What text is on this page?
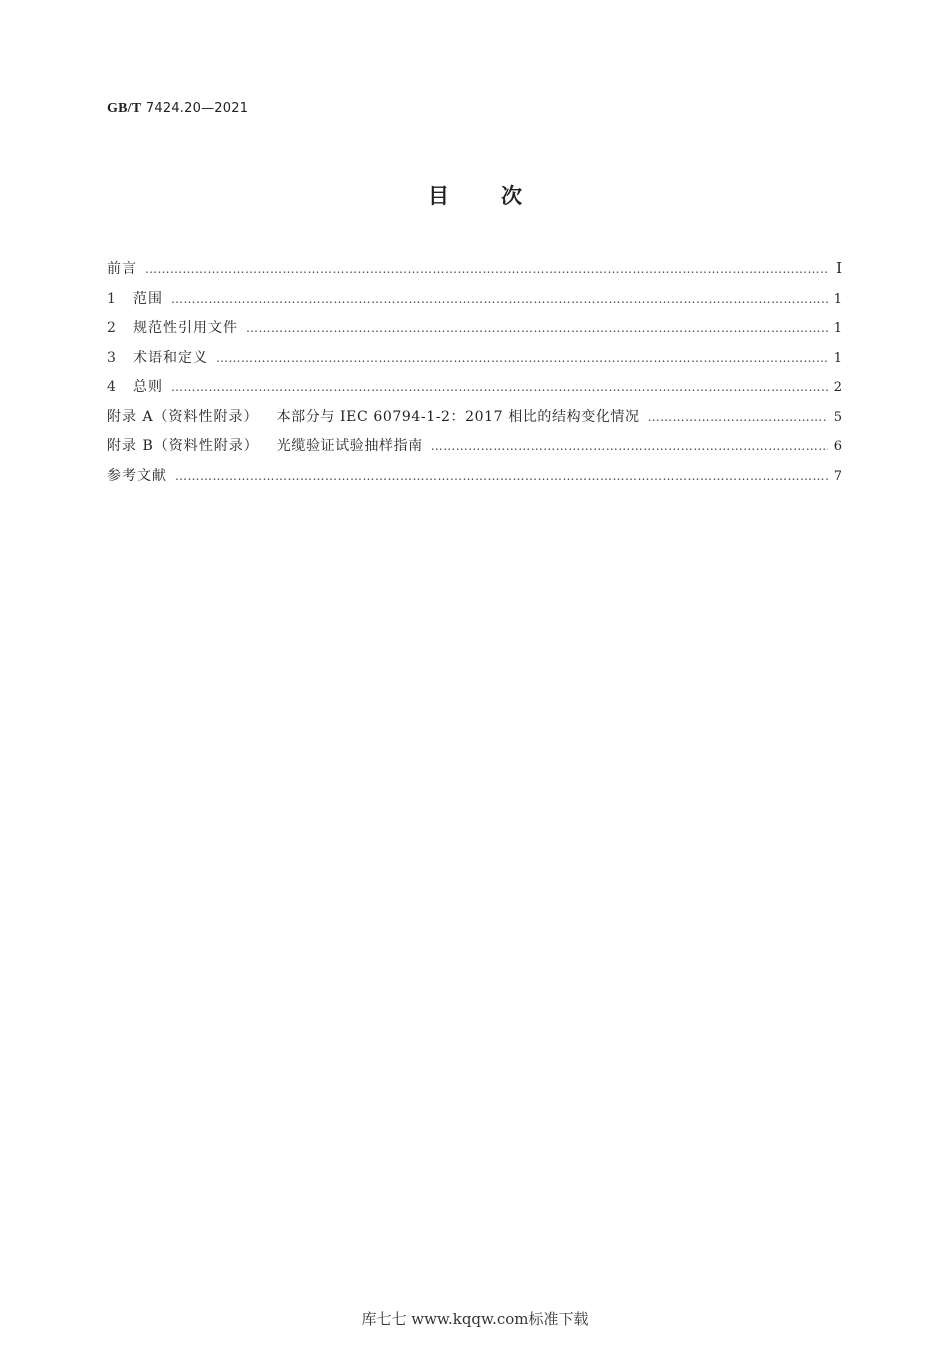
GB/T 7424.20—2021
目 次
前言 ……………………………………………………………………………………………………………………………………………………………………………………………………………………	Ⅰ
1	范围 ……………………………………………………………………………………………………………………………………………………………………………………………………………………	1
2	规范性引用文件 ……………………………………………………………………………………………………………………………………………………………………………………………………………………	1
3	术语和定义 ……………………………………………………………………………………………………………………………………………………………………………………………………………………	1
4	总则 ……………………………………………………………………………………………………………………………………………………………………………………………………………………	2
附录 A（资料性附录） 本部分与 IEC 60794-1-2：2017 相比的结构变化情况 ……………………………………………………………………………………………………………………………………………………………………………………………………………………	5
附录 B（资料性附录） 光缆验证试验抽样指南 ……………………………………………………………………………………………………………………………………………………………………………………………………………………	6
参考文献 ……………………………………………………………………………………………………………………………………………………………………………………………………………………	7
库七七 www.kqqw.com标准下载
